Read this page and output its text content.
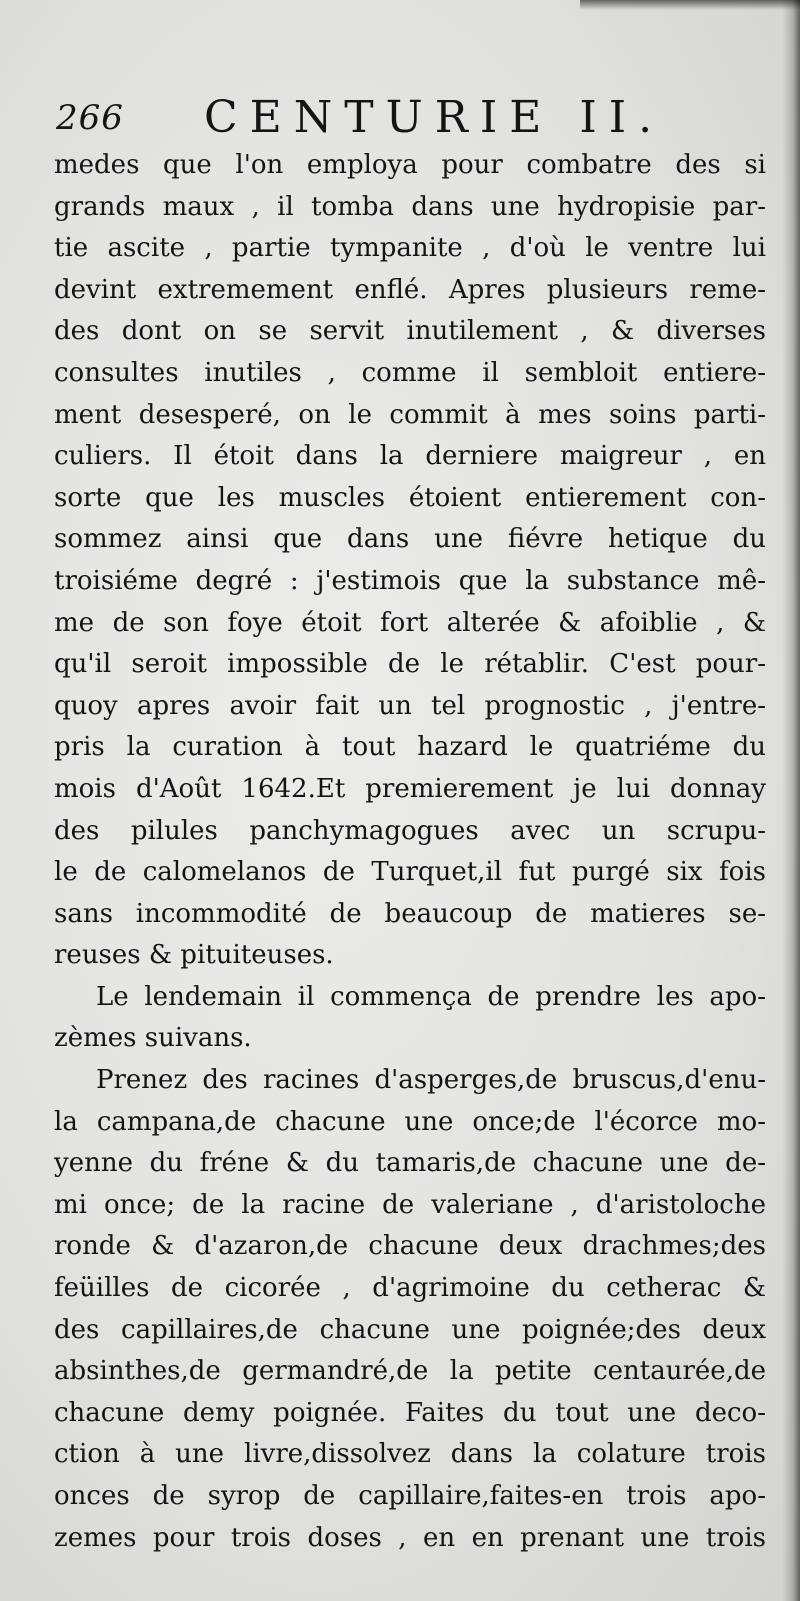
266 CENTURIE II.
medes que l'on employa pour combatre des si
grands maux , il tomba dans une hydropisie par-
tie ascite , partie tympanite , d'où le ventre lui
devint extremement enflé. Apres plusieurs reme-
des dont on se servit inutilement , & diverses
consultes inutiles , comme il sembloit entiere-
ment desesperé, on le commit à mes soins parti-
culiers. Il étoit dans la derniere maigreur , en
sorte que les muscles étoient entierement con-
sommez ainsi que dans une fiévre hetique du
troisiéme degré : j'estimois que la substance mê-
me de son foye étoit fort alterée & afoiblie , &
qu'il seroit impossible de le rétablir. C'est pour-
quoy apres avoir fait un tel prognostic , j'entre-
pris la curation à tout hazard le quatriéme du
mois d'Août 1642.Et premierement je lui donnay
des pilules panchymagogues avec un scrupu-
le de calomelanos de Turquet,il fut purgé six fois
sans incommodité de beaucoup de matieres se-
reuses & pituiteuses.
Le lendemain il commença de prendre les apo-
zèmes suivans.
Prenez des racines d'asperges,de bruscus,d'enu-
la campana,de chacune une once;de l'écorce mo-
yenne du fréne & du tamaris,de chacune une de-
mi once; de la racine de valeriane , d'aristoloche
ronde & d'azaron,de chacune deux drachmes;des
feüilles de cicorée , d'agrimoine du cetherac &
des capillaires,de chacune une poignée;des deux
absinthes,de germandré,de la petite centaurée,de
chacune demy poignée. Faites du tout une deco-
ction à une livre,dissolvez dans la colature trois
onces de syrop de capillaire,faites-en trois apo-
zemes pour trois doses , en en prenant une trois
